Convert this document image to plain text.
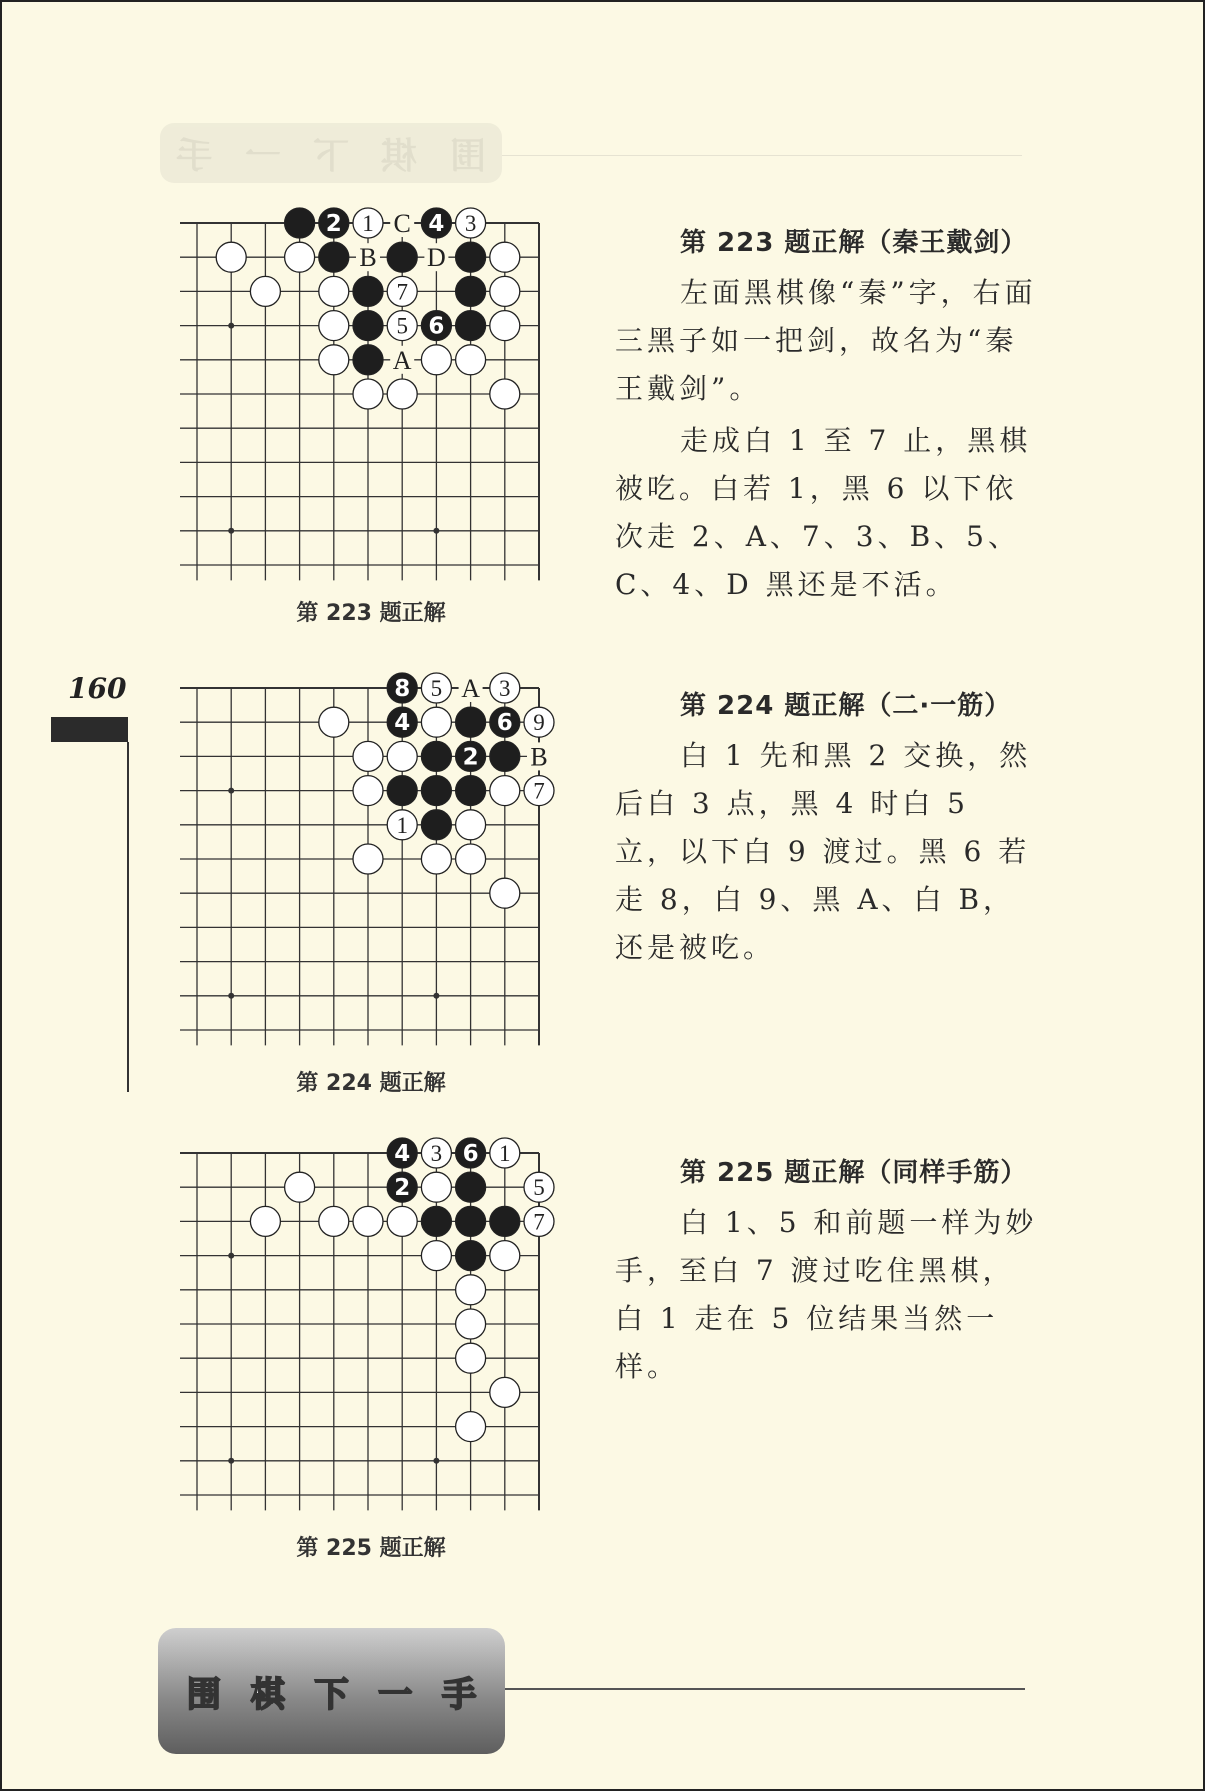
手 一 下 棋 围
C
B D
A
2 1 4 3
7
5 6
第 223 题正解
第 223 题正解（秦王戴剑）

左面黑棋像“秦”字，右面三黑子如一把剑，故名为“秦王戴剑”。

走成白 1 至 7 止，黑棋被吃。白若 1，黑 6 以下依次走 2、A、7、3、B、5、C、4、D 黑还是不活。

160	A
B
8 5 3
4	6 9
2
7
1
第 224 题正解
第 224 题正解（二·一筋）

白 1 先和黑 2 交换，然后白 3 点，黑 4 时白 5 立，以下白 9 渡过。黑 6 若走 8，白 9、黑 A、白 B，还是被吃。

4 3 6 1
2	5
7
第 225 题正解
第 225 题正解（同样手筋）

白 1、5 和前题一样为妙手，至白 7 渡过吃住黑棋，白 1 走在 5 位结果当然一样。

围 棋 下 一 手
